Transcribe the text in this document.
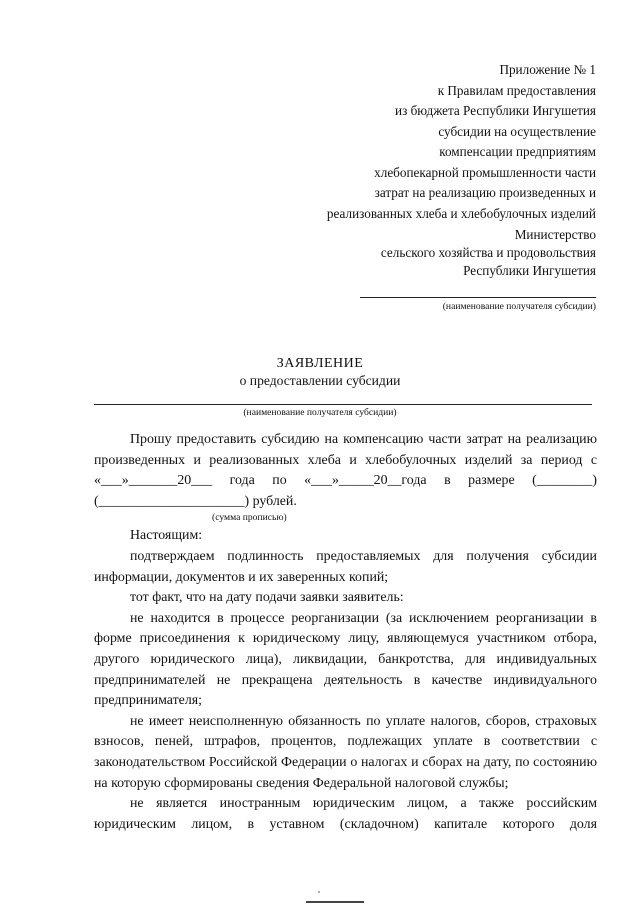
Приложение № 1
к Правилам предоставления
из бюджета Республики Ингушетия
субсидии на осуществление
компенсации предприятиям
хлебопекарной промышленности части
затрат на реализацию произведенных и
реализованных хлеба и хлебобулочных изделий
Министерство
сельского хозяйства и продовольствия
Республики Ингушетия
(наименование получателя субсидии)
ЗАЯВЛЕНИЕ
о предоставлении субсидии
(наименование получателя субсидии)

Прошу предоставить субсидию на компенсацию части затрат на реализацию произведенных и реализованных хлеба и хлебобулочных изделий за период с «___»_______20___ года по «___»_____20__года в размере (________) (_____________________) рублей.

(сумма прописью)

Настоящим:

подтверждаем подлинность предоставляемых для получения субсидии информации, документов и их заверенных копий;

тот факт, что на дату подачи заявки заявитель:

не находится в процессе реорганизации (за исключением реорганизации в форме присоединения к юридическому лицу, являющемуся участником отбора, другого юридического лица), ликвидации, банкротства, для индивидуальных предпринимателей не прекращена деятельность в качестве индивидуального предпринимателя;

не имеет неисполненную обязанность по уплате налогов, сборов, страховых взносов, пеней, штрафов, процентов, подлежащих уплате в соответствии с законодательством Российской Федерации о налогах и сборах на дату, по состоянию на которую сформированы сведения Федеральной налоговой службы;

не является иностранным юридическим лицом, а также российским юридическим лицом, в уставном (складочном) капитале которого доля
